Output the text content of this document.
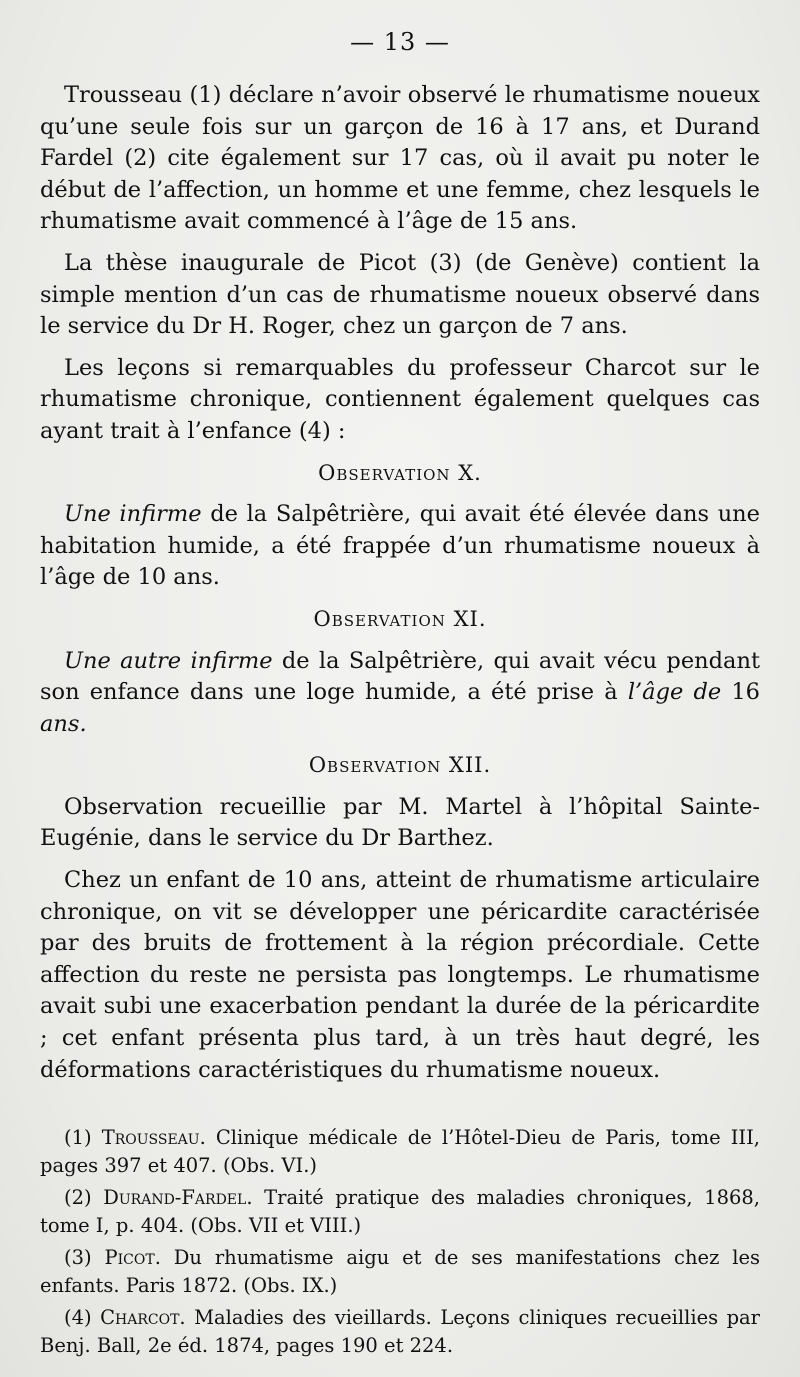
— 13 —

Trousseau (1) déclare n’avoir observé le rhumatisme noueux qu’une seule fois sur un garçon de 16 à 17 ans, et Durand Fardel (2) cite également sur 17 cas, où il avait pu noter le début de l’affection, un homme et une femme, chez lesquels le rhumatisme avait commencé à l’âge de 15 ans.

La thèse inaugurale de Picot (3) (de Genève) contient la simple mention d’un cas de rhumatisme noueux observé dans le service du Dr H. Roger, chez un garçon de 7 ans.

Les leçons si remarquables du professeur Charcot sur le rhumatisme chronique, contiennent également quelques cas ayant trait à l’enfance (4) :

Observation X.

Une infirme de la Salpêtrière, qui avait été élevée dans une habitation humide, a été frappée d’un rhumatisme noueux à l’âge de 10 ans.

Observation XI.

Une autre infirme de la Salpêtrière, qui avait vécu pendant son enfance dans une loge humide, a été prise à l’âge de 16 ans.

Observation XII.

Observation recueillie par M. Martel à l’hôpital Sainte-Eugénie, dans le service du Dr Barthez.

Chez un enfant de 10 ans, atteint de rhumatisme articulaire chronique, on vit se développer une péricardite caractérisée par des bruits de frottement à la région précordiale. Cette affection du reste ne persista pas longtemps. Le rhumatisme avait subi une exacerbation pendant la durée de la péricardite ; cet enfant présenta plus tard, à un très haut degré, les déformations caractéristiques du rhumatisme noueux.

(1) Trousseau. Clinique médicale de l’Hôtel-Dieu de Paris, tome III, pages 397 et 407. (Obs. VI.)

(2) Durand-Fardel. Traité pratique des maladies chroniques, 1868, tome I, p. 404. (Obs. VII et VIII.)

(3) Picot. Du rhumatisme aigu et de ses manifestations chez les enfants. Paris 1872. (Obs. IX.)

(4) Charcot. Maladies des vieillards. Leçons cliniques recueillies par Benj. Ball, 2e éd. 1874, pages 190 et 224.
